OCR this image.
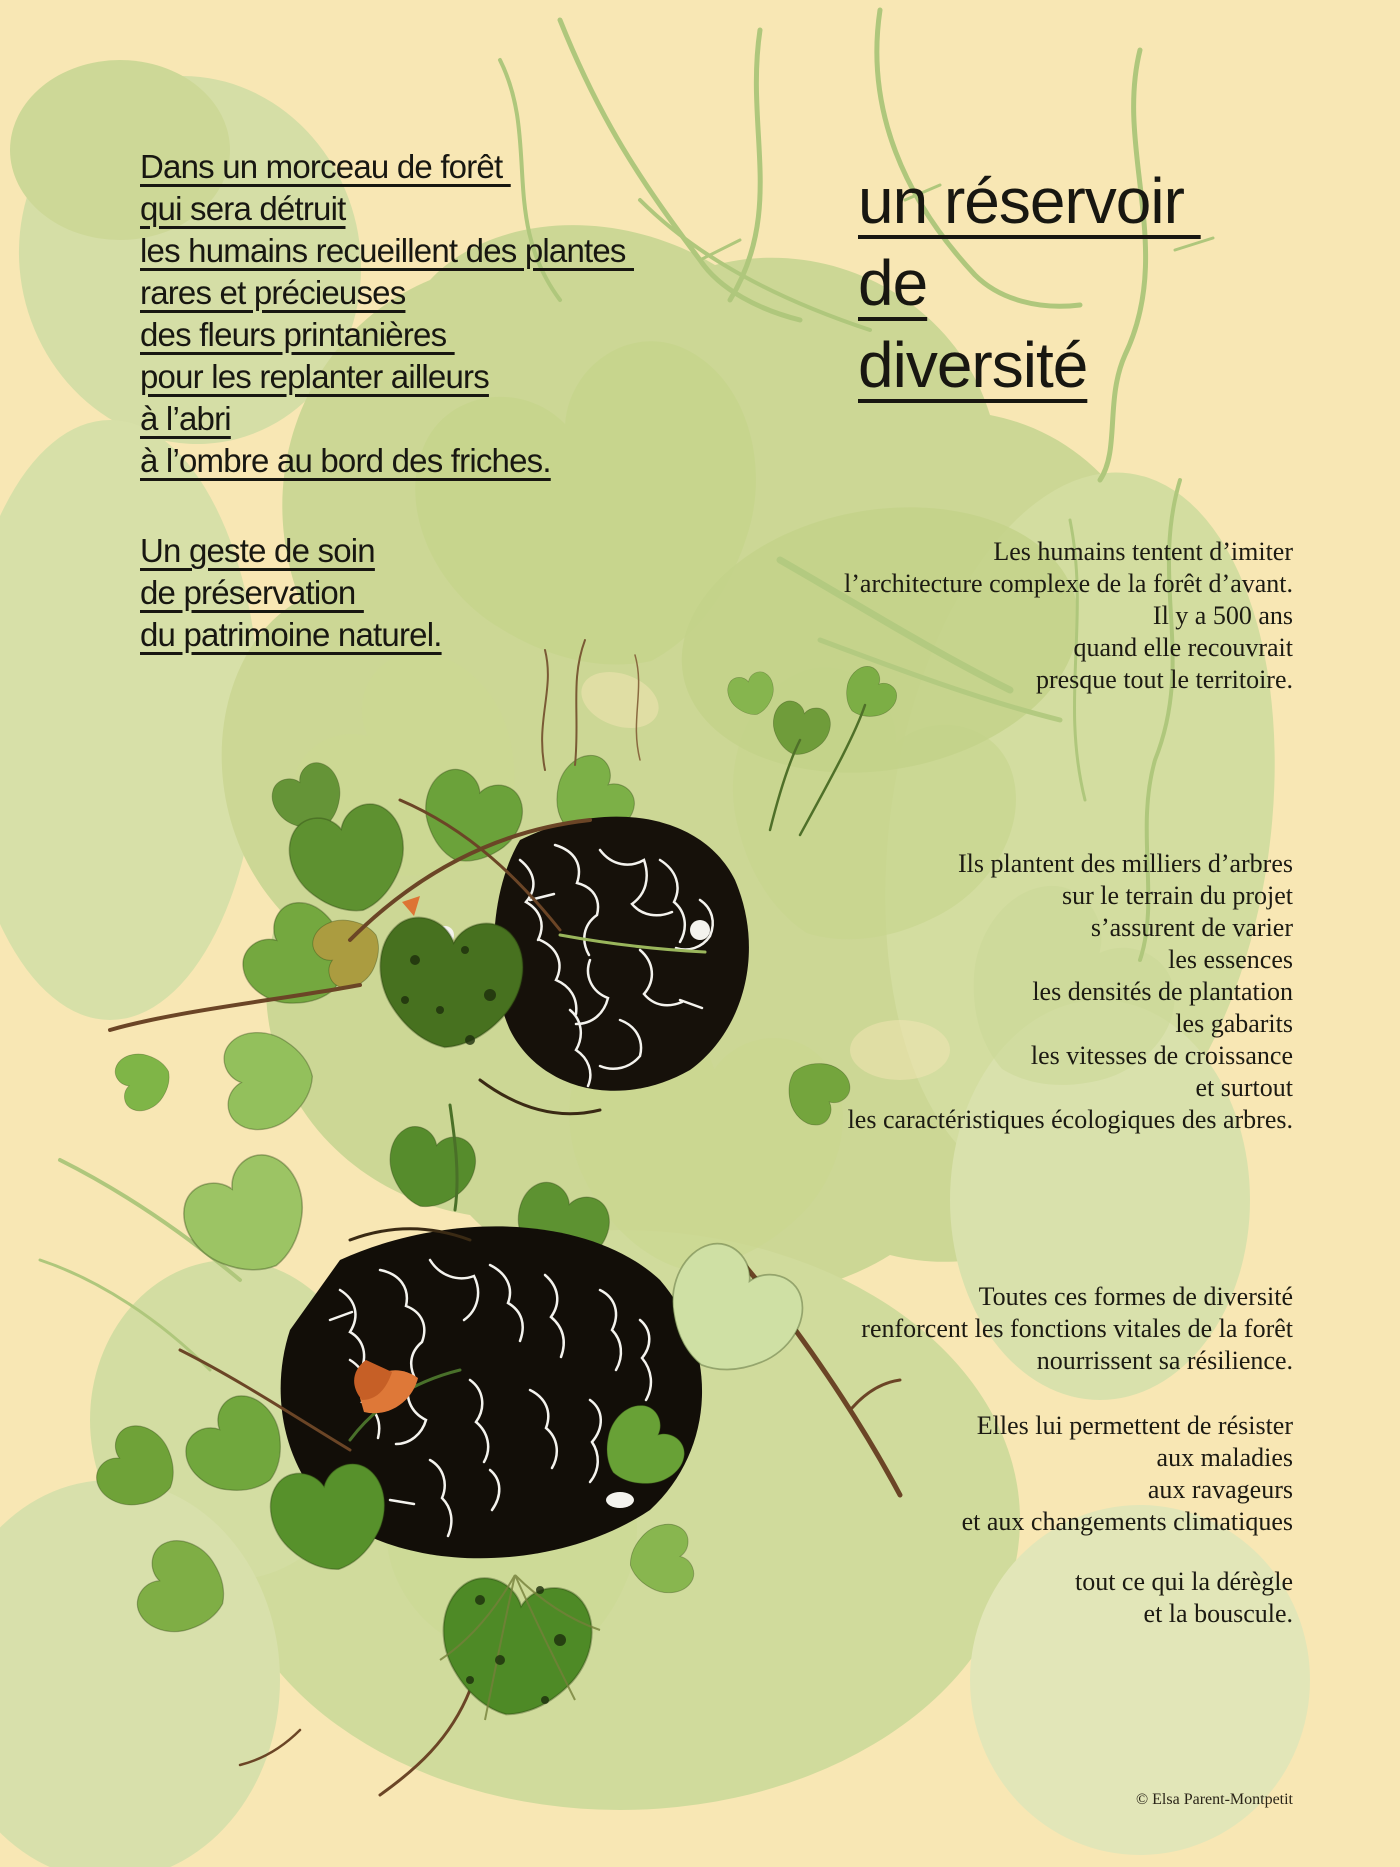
Dans un morceau de forêt
qui sera détruit
les humains recueillent des plantes
rares et précieuses
des fleurs printanières
pour les replanter ailleurs
à l’abri
à l’ombre au bord des friches.
Un geste de soin
de préservation
du patrimoine naturel.
un réservoir
de
diversité
Les humains tentent d’imiter
l’architecture complexe de la forêt d’avant.
Il y a 500 ans
quand elle recouvrait
presque tout le territoire.
Ils plantent des milliers d’arbres
sur le terrain du projet
s’assurent de varier
les essences
les densités de plantation
les gabarits
les vitesses de croissance
et surtout
les caractéristiques écologiques des arbres.
Toutes ces formes de diversité
renforcent les fonctions vitales de la forêt
nourrissent sa résilience.
Elles lui permettent de résister
aux maladies
aux ravageurs
et aux changements climatiques
tout ce qui la dérègle
et la bouscule.
© Elsa Parent-Montpetit
